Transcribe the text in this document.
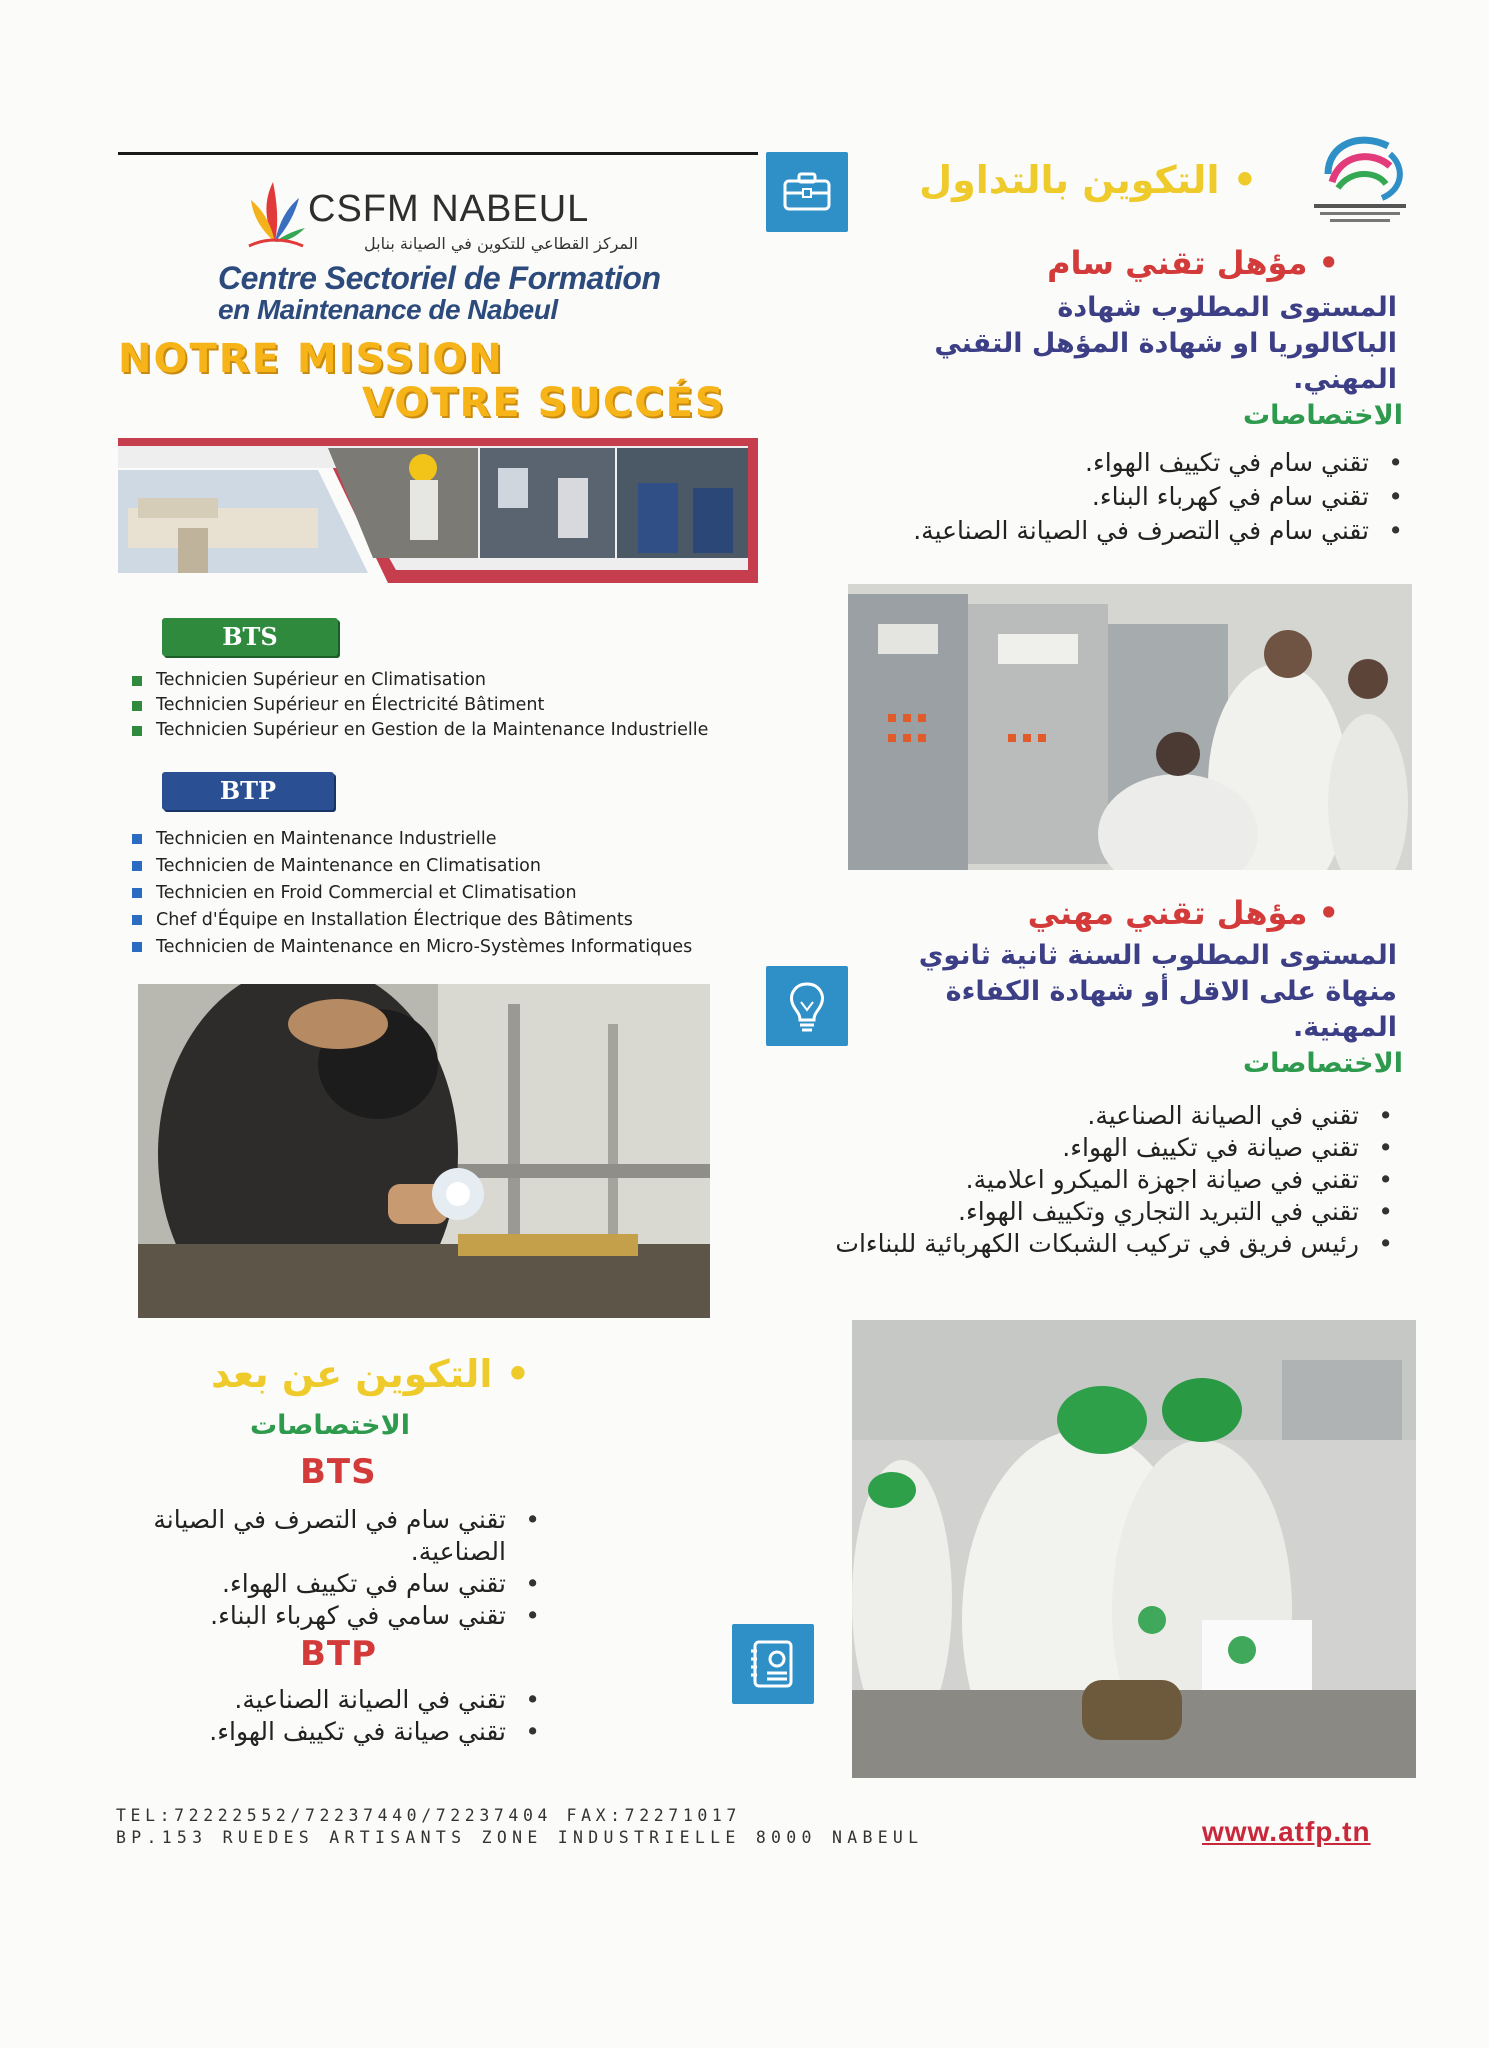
CSFM NABEUL
المركز القطاعي للتكوين في الصيانة بنابل
Centre Sectoriel de Formation
en Maintenance de Nabeul
NOTRE MISSION
VOTRE SUCCÉS
BTS
Technicien Supérieur en Climatisation
Technicien Supérieur en Électricité Bâtiment
Technicien Supérieur en Gestion de la Maintenance Industrielle
BTP
Technicien en Maintenance Industrielle
Technicien de Maintenance en Climatisation
Technicien en Froid Commercial et Climatisation
Chef d'Équipe en Installation Électrique des Bâtiments
Technicien de Maintenance en Micro-Systèmes Informatiques
• التكوين بالتداول
• مؤهل تقني سام
المستوى المطلوب شهادة الباكالوريا او شهادة المؤهل التقني المهني.
الاختصاصات
• تقني سام في تكييف الهواء.
• تقني سام في كهرباء البناء.
• تقني سام في التصرف في الصيانة الصناعية.
• مؤهل تقني مهني
المستوى المطلوب السنة ثانية ثانوي منهاة على الاقل أو شهادة الكفاءة المهنية.
الاختصاصات
• تقني في الصيانة الصناعية.
• تقني صيانة في تكييف الهواء.
• تقني في صيانة اجهزة الميكرو اعلامية.
• تقني في التبريد التجاري وتكييف الهواء.
• رئيس فريق في تركيب الشبكات الكهربائية للبناءات
• التكوين عن بعد
الاختصاصات
BTS
• تقني سام في التصرف في الصيانة الصناعية.
• تقني سام في تكييف الهواء.
• تقني سامي في كهرباء البناء.
BTP
• تقني في الصيانة الصناعية.
• تقني صيانة في تكييف الهواء.
TEL:72222552/72237440/72237404 FAX:72271017
BP.153 RUEDES ARTISANTS ZONE INDUSTRIELLE 8000 NABEUL	www.atfp.tn
